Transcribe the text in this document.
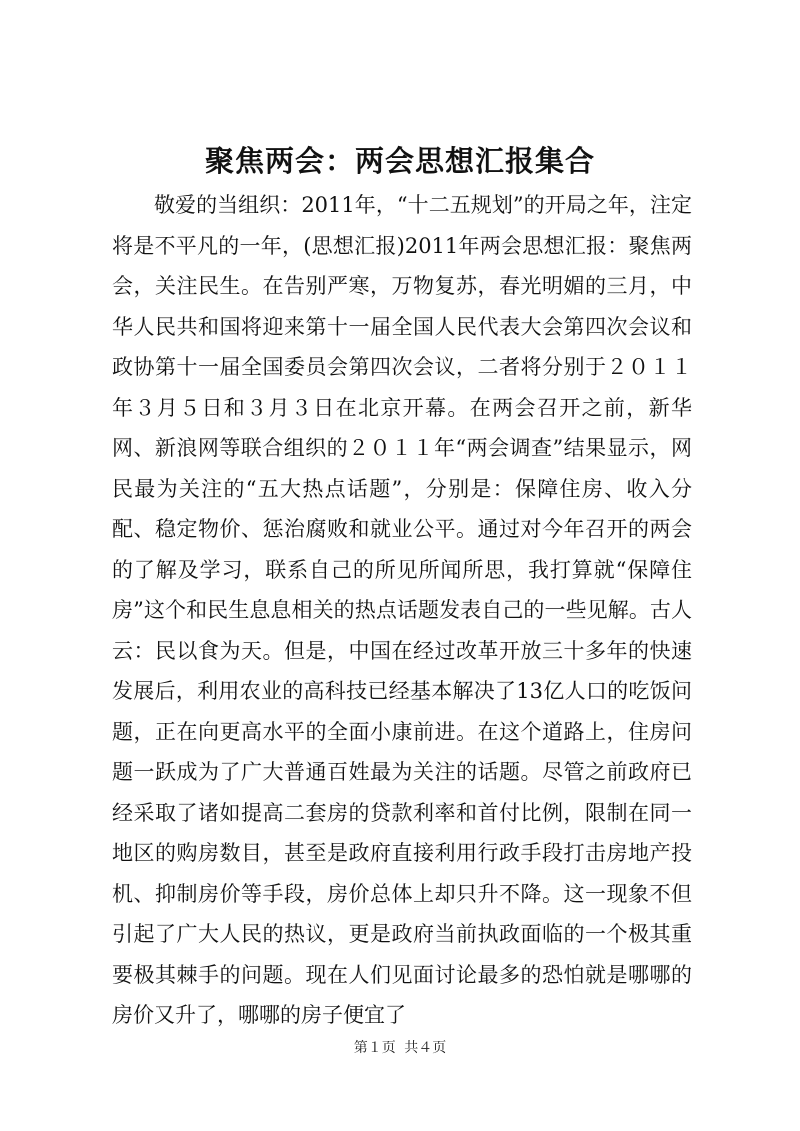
聚焦两会：两会思想汇报集合

敬爱的当组织：2011年，“十二五规划”的开局之年，注定将是不平凡的一年，(思想汇报)2011年两会思想汇报：聚焦两会，关注民生。在告别严寒，万物复苏，春光明媚的三月，中华人民共和国将迎来第十一届全国人民代表大会第四次会议和政协第十一届全国委员会第四次会议，二者将分别于２０１１年３月５日和３月３日在北京开幕。在两会召开之前，新华网、新浪网等联合组织的２０１１年“两会调查”结果显示，网民最为关注的“五大热点话题”，分别是：保障住房、收入分配、稳定物价、惩治腐败和就业公平。通过对今年召开的两会的了解及学习，联系自己的所见所闻所思，我打算就“保障住房”这个和民生息息相关的热点话题发表自己的一些见解。古人云：民以食为天。但是，中国在经过改革开放三十多年的快速发展后，利用农业的高科技已经基本解决了13亿人口的吃饭问题，正在向更高水平的全面小康前进。在这个道路上，住房问题一跃成为了广大普通百姓最为关注的话题。尽管之前政府已经采取了诸如提高二套房的贷款利率和首付比例，限制在同一地区的购房数目，甚至是政府直接利用行政手段打击房地产投机、抑制房价等手段，房价总体上却只升不降。这一现象不但引起了广大人民的热议，更是政府当前执政面临的一个极其重要极其棘手的问题。现在人们见面讨论最多的恐怕就是哪哪的房价又升了，哪哪的房子便宜了

第１页 共４页
